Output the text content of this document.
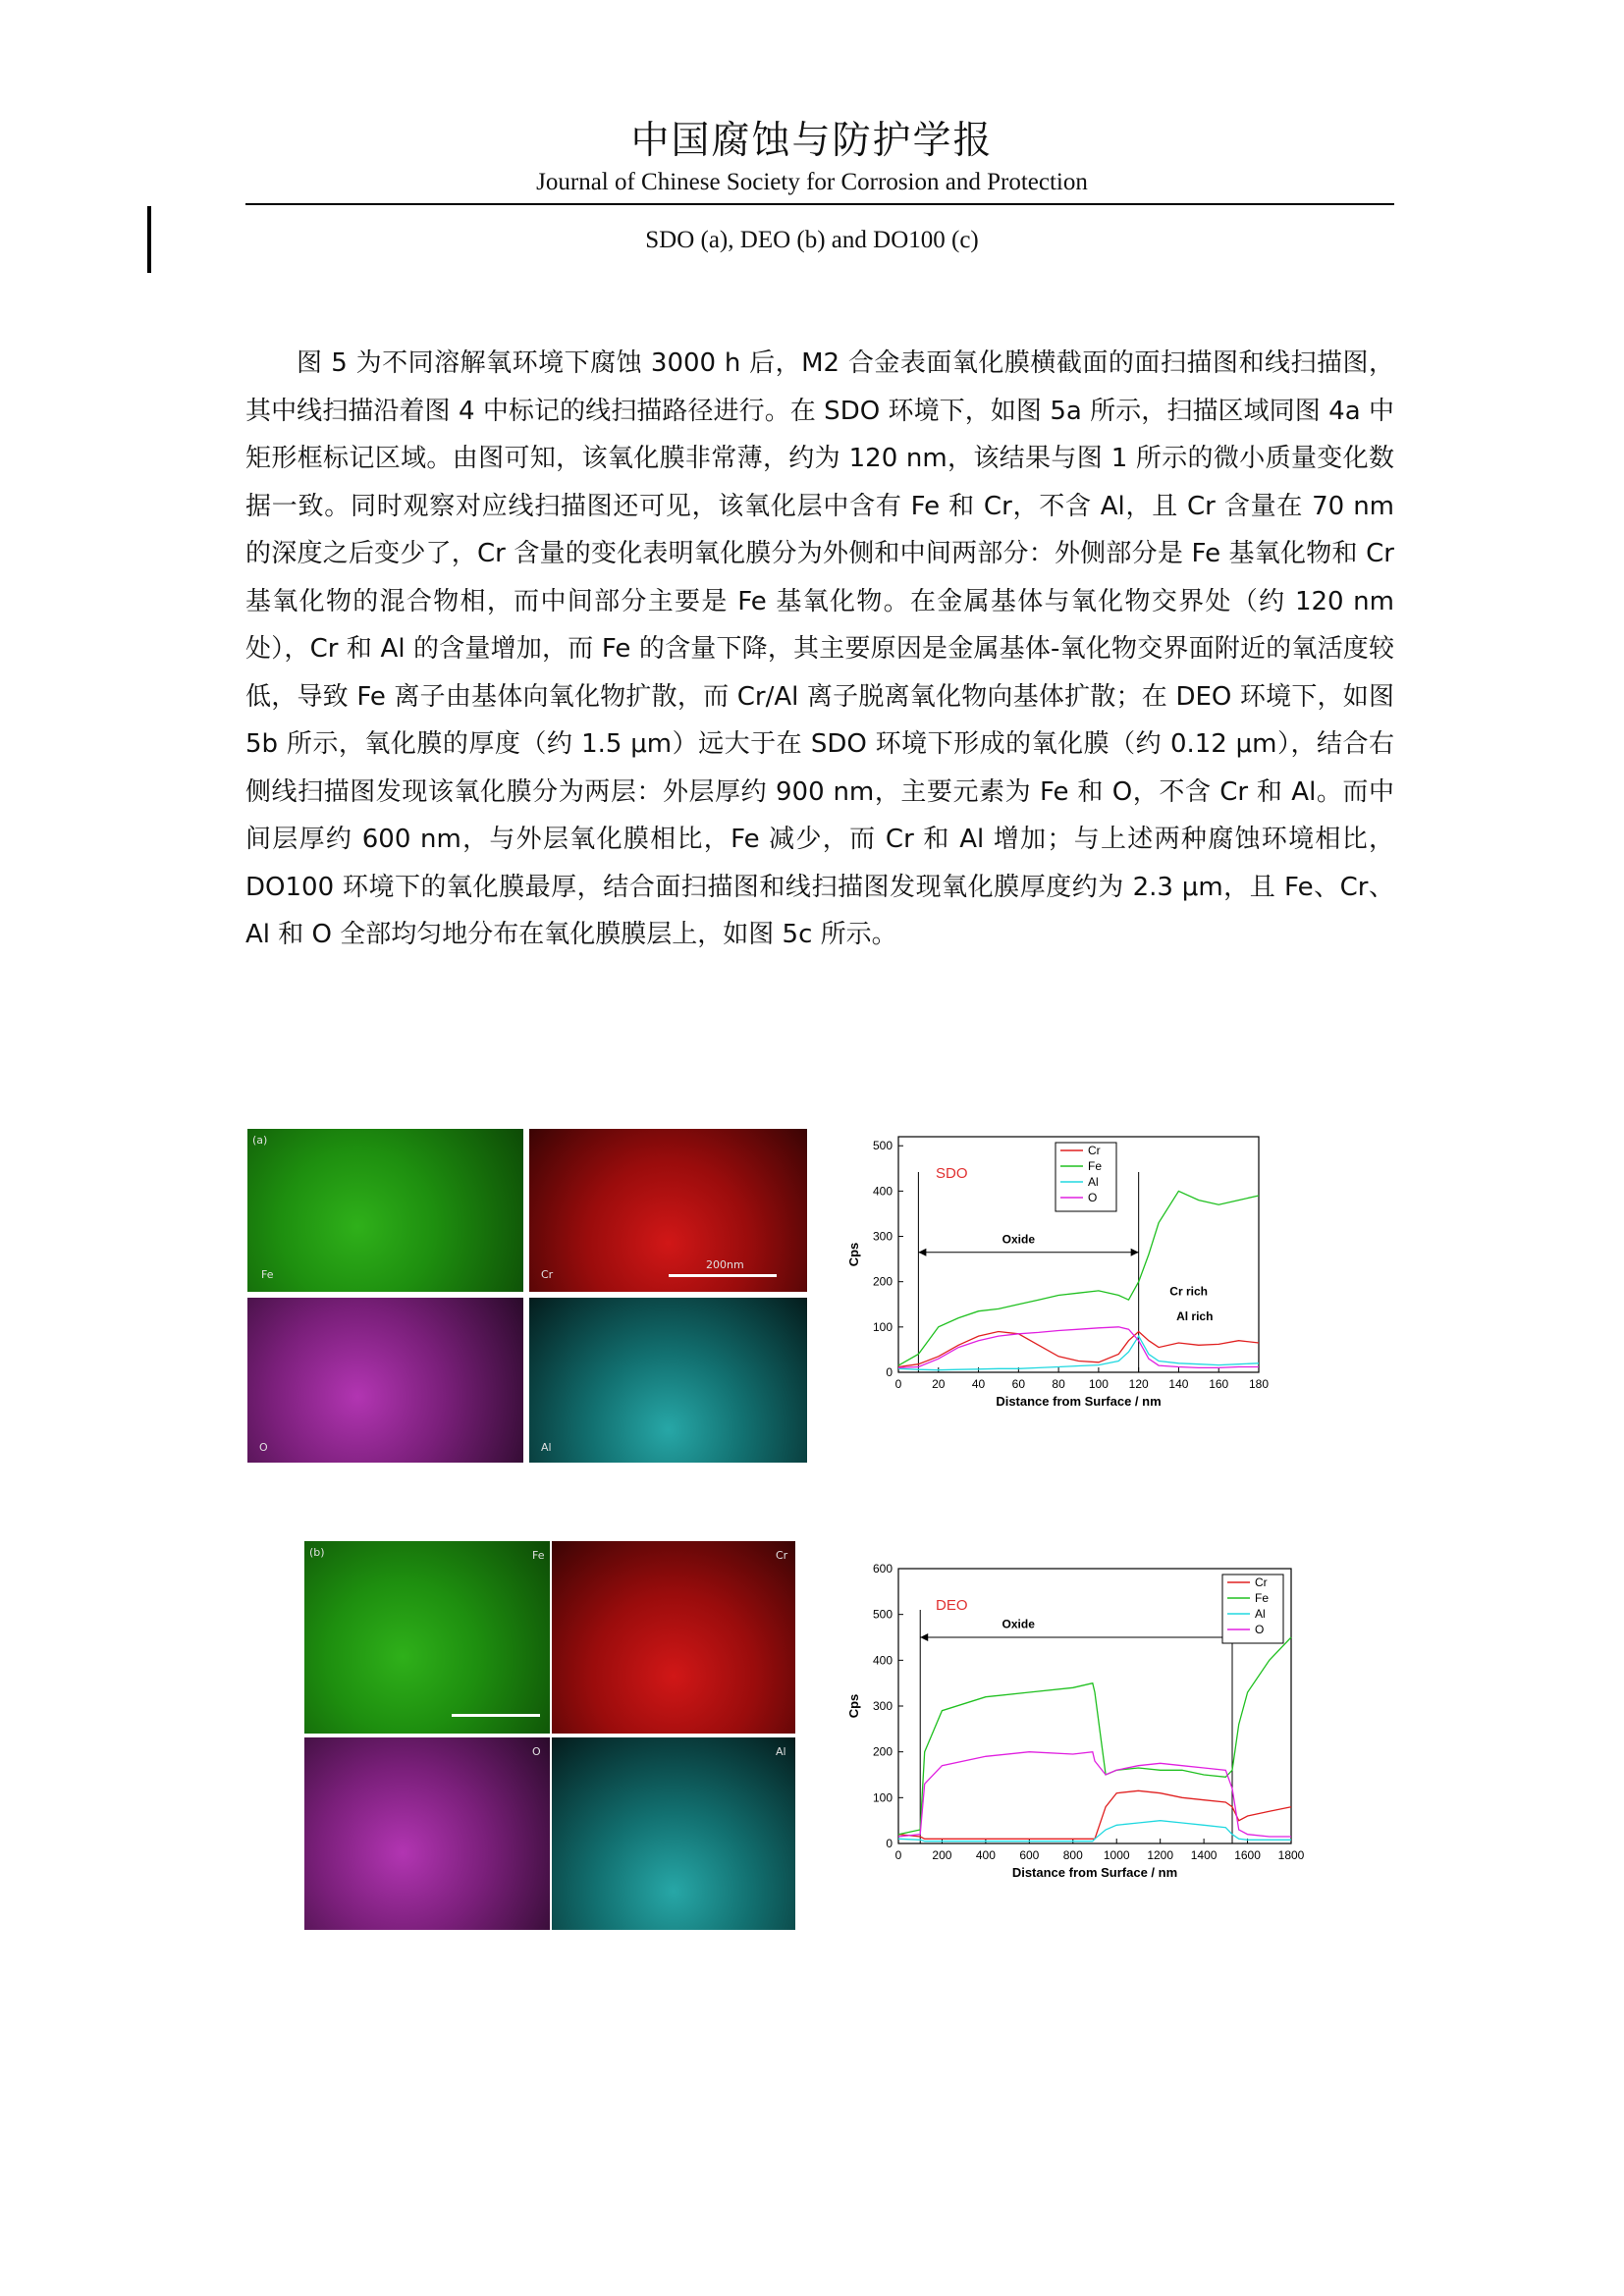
中国腐蚀与防护学报
Journal of Chinese Society for Corrosion and Protection
SDO (a), DEO (b) and DO100 (c)

图 5 为不同溶解氧环境下腐蚀 3000 h 后，M2 合金表面氧化膜横截面的面扫描图和线扫描图，其中线扫描沿着图 4 中标记的线扫描路径进行。在 SDO 环境下，如图 5a 所示，扫描区域同图 4a 中矩形框标记区域。由图可知，该氧化膜非常薄，约为 120 nm，该结果与图 1 所示的微小质量变化数据一致。同时观察对应线扫描图还可见，该氧化层中含有 Fe 和 Cr，不含 Al，且 Cr 含量在 70 nm 的深度之后变少了，Cr 含量的变化表明氧化膜分为外侧和中间两部分：外侧部分是 Fe 基氧化物和 Cr 基氧化物的混合物相，而中间部分主要是 Fe 基氧化物。在金属基体与氧化物交界处（约 120 nm 处），Cr 和 Al 的含量增加，而 Fe 的含量下降，其主要原因是金属基体-氧化物交界面附近的氧活度较低，导致 Fe 离子由基体向氧化物扩散，而 Cr/Al 离子脱离氧化物向基体扩散；在 DEO 环境下，如图 5b 所示，氧化膜的厚度（约 1.5 μm）远大于在 SDO 环境下形成的氧化膜（约 0.12 μm），结合右侧线扫描图发现该氧化膜分为两层：外层厚约 900 nm，主要元素为 Fe 和 O，不含 Cr 和 Al。而中间层厚约 600 nm，与外层氧化膜相比，Fe 减少，而 Cr 和 Al 增加；与上述两种腐蚀环境相比，DO100 环境下的氧化膜最厚，结合面扫描图和线扫描图发现氧化膜厚度约为 2.3 μm，且 Fe、Cr、Al 和 O 全部均匀地分布在氧化膜膜层上，如图 5c 所示。

(a)
Fe	Cr
200nm
O	Al
0	20 40 60 80 100 120 140 160 180
0
100
200
300
400
500
Distance from Surface / nm
Cps
SDO
Oxide
Cr rich
Al rich
Cr
Fe
Al
O
(b)	Fe	Cr
O	Al
0	200 400 600 800 1000 1200 1400 1600 1800
0
100
200
300
400
500
600
Distance from Surface / nm
Cps
DEO
Oxide
Cr
Fe
Al
O
